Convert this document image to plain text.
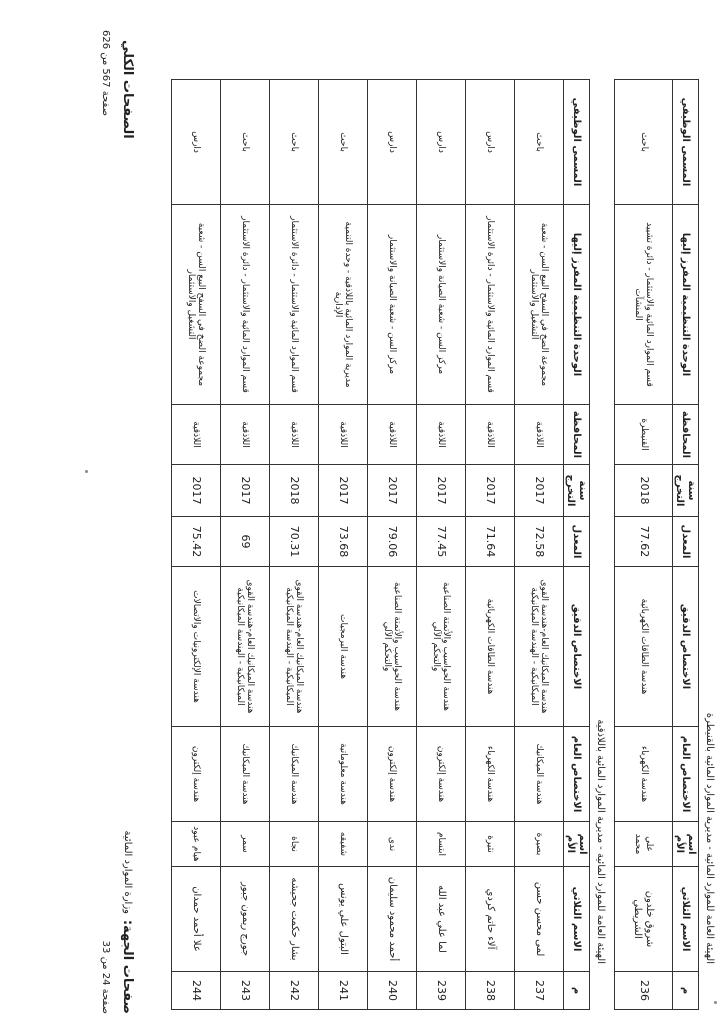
الهيئة العامة للموارد المائية - مديرية الموارد المائية بالقنيطرة
م	الاسم الثلاثي	اسم الأم	الاختصاص العام	الاختصاص الدقيق	المعدل	سنة التخرج	المحافظة	الوحدة التنظيمية المفرز إليها	المسمى الوظيفي
236	شروق خلدون الشريطي	علي محمد	هندسة الكهرباء	هندسة الطاقات الكهربائية	77.62	2018	القنيطرة	قسم الموارد المائية والاستثمار - دائرة تشييد المنشآت	باحث
الهيئة العامة للموارد المائية - مديرية الموارد المائية باللاذقية
م	الاسم الثلاثي	اسم الأم	الاختصاص العام	الاختصاص الدقيق	المعدل	سنة التخرج	المحافظة	الوحدة التنظيمية المفرز إليها	المسمى الوظيفي
237	لمى محسن حسن	بصيرة	هندسة الميكانيك	هندسة الميكانيك العام-هندسة القوى الميكانيكية - الهندسة الميكانيكية	72.58	2017	اللاذقية	مجموعة الضخ في السفح البيع السن - شعبة التشغيل والاستثمار	باحث
238	آلاء حاتم كردي	نثيرة	هندسة الكهرباء	هندسة الطاقات الكهربائية	71.64	2017	اللاذقية	قسم الموارد المائية والاستثمار - دائرة الاستثمار	دارس
239	لما علي عبد الله	ابتسام	هندسة إلكترون	هندسة الحواسيب والأتمتة الصناعية والتحكم الآلي	77.45	2017	اللاذقية	مركز السن - شعبة الصيانة والاستثمار	دارس
240	أحمد محمود سليمان	ندى	هندسة إلكترون	هندسة الحواسيب والأتمتة الصناعية والتحكم الآلي	79.06	2017	اللاذقية	مركز السن - شعبة الصيانة والاستثمار	دارس
241	البتول علي يونس	شفيقه	هندسة معلوماتية	هندسة البرمجيات	73.68	2017	اللاذقية	مديرية الموارد المائية باللاذقية - وحدة التنمية الإدارية	باحث
242	بشار حكمت جحيشه	نجاة	هندسة الميكانيك	هندسة الميكانيك العام-هندسة القوى الميكانيكية - الهندسة الميكانيكية	70.31	2018	اللاذقية	قسم الموارد المائية والاستثمار - دائرة الاستثمار	باحث
243	جورج ريمون جبور	سمر	هندسة الميكانيك	هندسة الميكانيك العام-هندسة القوى الميكانيكية - الهندسة الميكانيكية	69	2017	اللاذقية	قسم الموارد المائية والاستثمار - دائرة الاستثمار	باحث
244	علا أحمد حمدان	هيام عبود	هندسة إلكترون	هندسة الإلكترونيات والاتصالات	75.42	2017	اللاذقية	مجموعة الضخ في السفح البيع السن - شعبة التشغيل والاستثمار	دارس
صفحات الجهة:
وزارة الموارد المائية
صفحة 24 من 33
الصفحات الكلي
صفحة 567 من 626
